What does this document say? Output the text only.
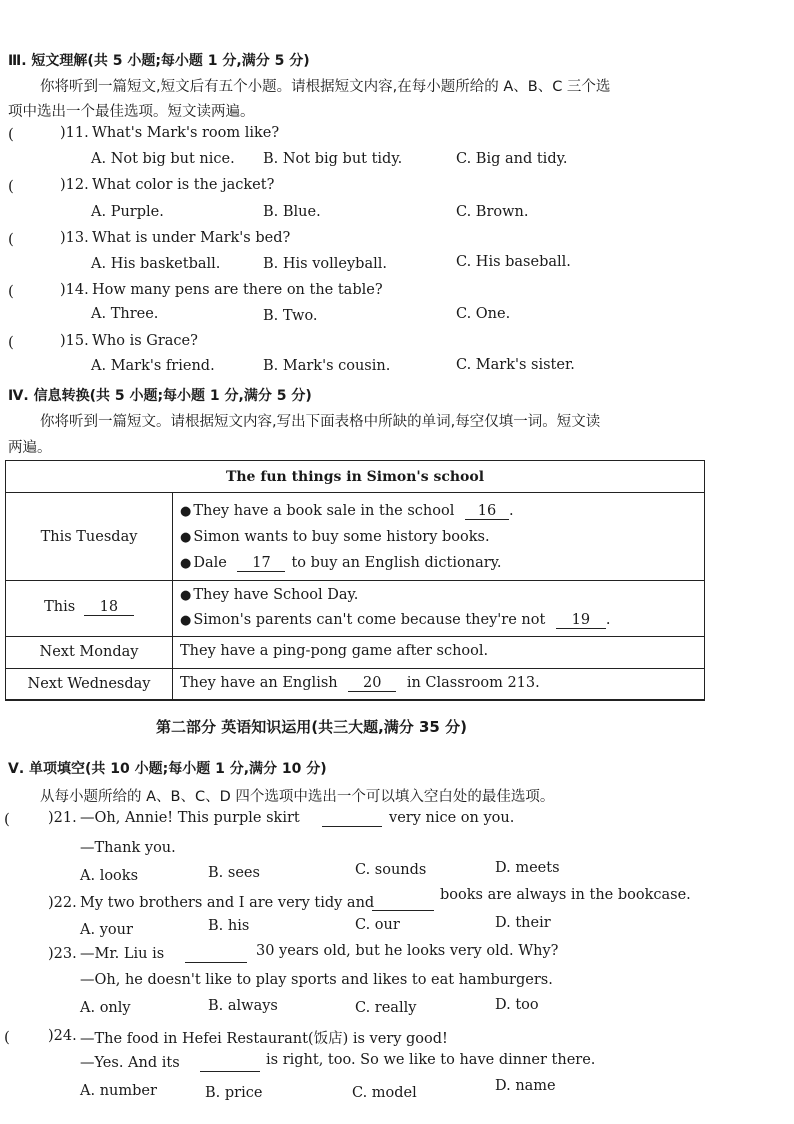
Ⅲ. 短文理解(共 5 小题;每小题 1 分,满分 5 分)
你将听到一篇短文,短文后有五个小题。请根据短文内容,在每小题所给的 A、B、C 三个选
项中选出一个最佳选项。短文读两遍。
(	)11. What's Mark's room like?
A. Not big but nice. B. Not big but tidy.	C. Big and tidy.
(	)12. What color is the jacket?
A. Purple.	B. Blue.	C. Brown.
(	)13. What is under Mark's bed?
A. His basketball.	B. His volleyball.	C. His baseball.
(	)14. How many pens are there on the table?
A. Three.	B. Two.	C. One.
(	)15. Who is Grace?
A. Mark's friend.	B. Mark's cousin.	C. Mark's sister.
Ⅳ. 信息转换(共 5 小题;每小题 1 分,满分 5 分)
你将听到一篇短文。请根据短文内容,写出下面表格中所缺的单词,每空仅填一词。短文读
两遍。
The fun things in Simon's school
This Tuesday
● They have a book sale in the school 16 .
● Simon wants to buy some history books.
● Dale 17 to buy an English dictionary.
This 18
● They have School Day.
● Simon's parents can't come because they're not 19 .
Next Monday	They have a ping-pong game after school.
Next Wednesday	They have an English 20 in Classroom 213.
第二部分 英语知识运用(共三大题,满分 35 分)
Ⅴ. 单项填空(共 10 小题;每小题 1 分,满分 10 分)
从每小题所给的 A、B、C、D 四个选项中选出一个可以填入空白处的最佳选项。
(	)21. —Oh, Annie! This purple skirt	very nice on you.
—Thank you.
A. looks	B. sees	C. sounds	D. meets
)22. My two brothers and I are very tidy and	books are always in the bookcase.
A. your	B. his	C. our	D. their
)23. —Mr. Liu is	30 years old, but he looks very old. Why?
—Oh, he doesn't like to play sports and likes to eat hamburgers.
A. only	B. always	C. really	D. too
(	)24. —The food in Hefei Restaurant(饭店) is very good!
—Yes. And its	is right, too. So we like to have dinner there.
A. number	B. price	C. model	D. name
